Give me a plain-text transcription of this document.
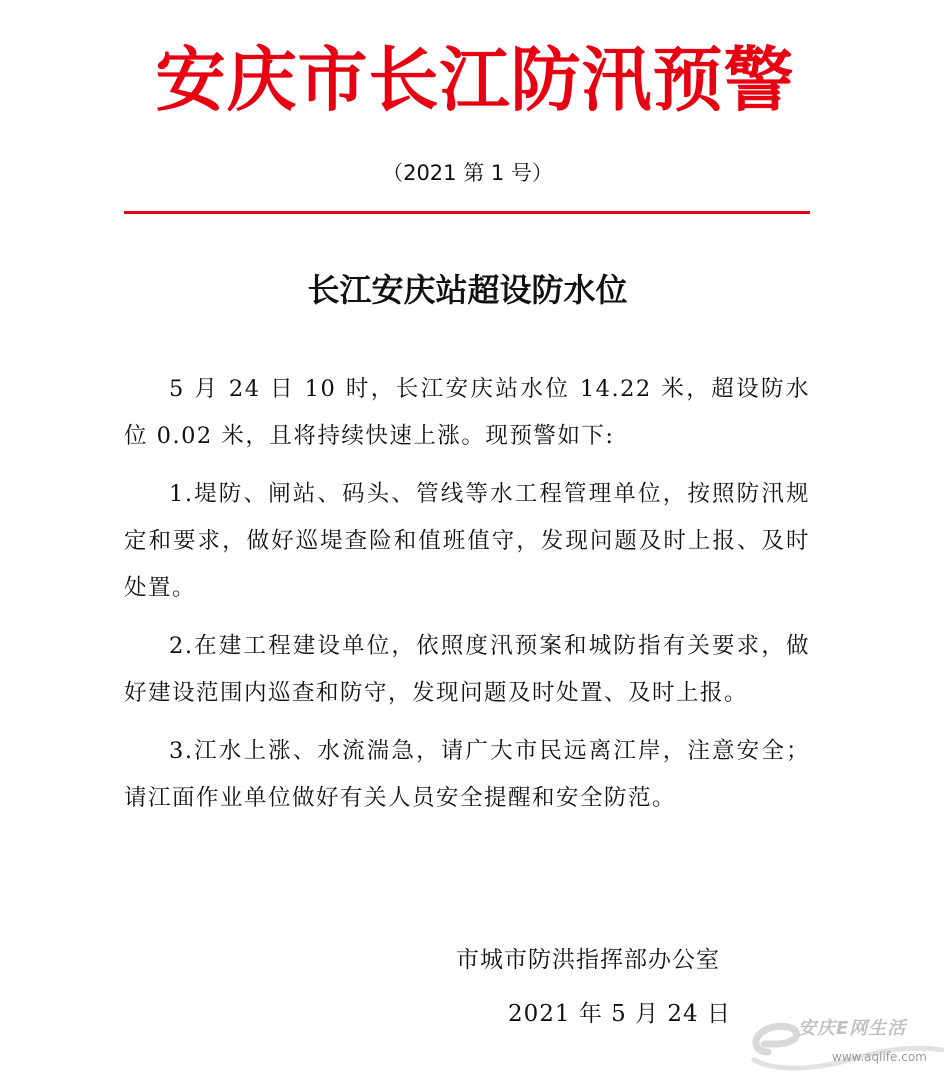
安庆市长江防汛预警
（2021 第 1 号）
长江安庆站超设防水位

5 月 24 日 10 时，长江安庆站水位 14.22 米，超设防水位 0.02 米，且将持续快速上涨。现预警如下:

1.堤防、闸站、码头、管线等水工程管理单位，按照防汛规定和要求，做好巡堤查险和值班值守，发现问题及时上报、及时处置。

2.在建工程建设单位，依照度汛预案和城防指有关要求，做好建设范围内巡查和防守，发现问题及时处置、及时上报。

3.江水上涨、水流湍急，请广大市民远离江岸，注意安全；请江面作业单位做好有关人员安全提醒和安全防范。

市城市防洪指挥部办公室
2021 年 5 月 24 日
安庆E网生活
www.aqlife.com
